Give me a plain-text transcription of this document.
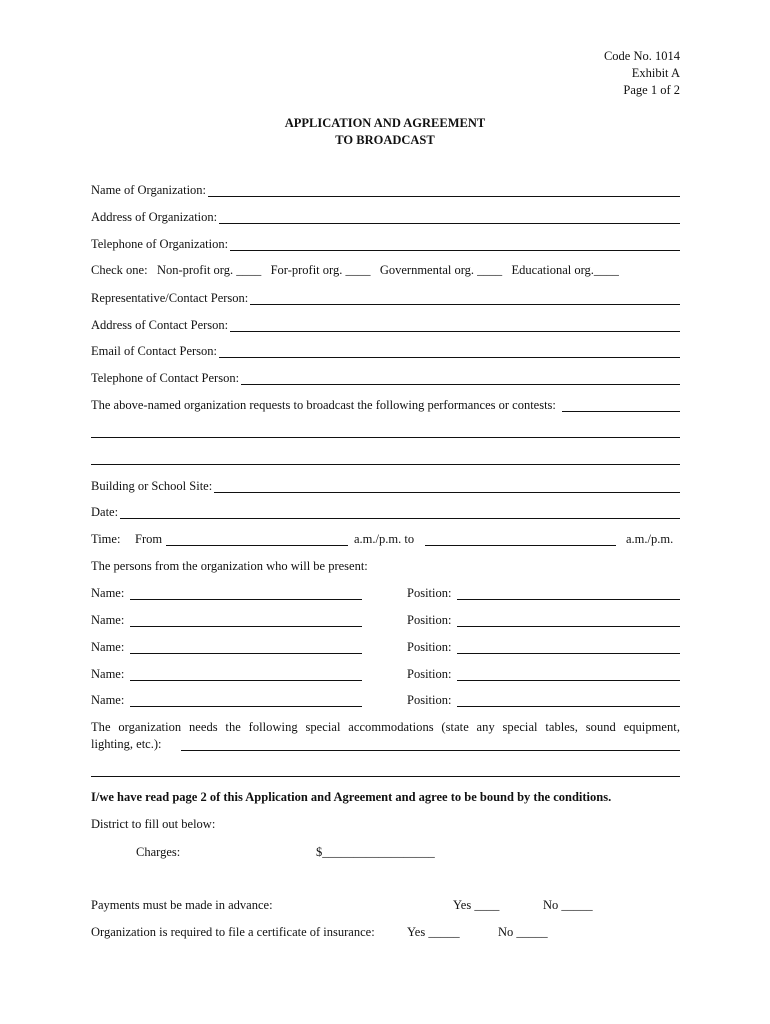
Code No. 1014
Exhibit A
Page 1 of 2
APPLICATION AND AGREEMENT
TO BROADCAST
Name of Organization:
Address of Organization:
Telephone of Organization:
Check one:   Non-profit org. ____   For-profit org. ____   Governmental org. ____   Educational org.____
Representative/Contact Person:
Address of Contact Person:
Email of Contact Person:
Telephone of Contact Person:
The above-named organization requests to broadcast the following performances or contests:
Building or School Site:
Date:
Time: From	a.m./p.m. to	a.m./p.m.
The persons from the organization who will be present:
Name:	Position:
Name:	Position:
Name:	Position:
Name:	Position:
Name:	Position:
The organization needs the following special accommodations (state any special tables, sound equipment,
lighting, etc.):
I/we have read page 2 of this Application and Agreement and agree to be bound by the conditions.
District to fill out below:
Charges:	$__________________
Payments must be made in advance:	Yes ____	No _____
Organization is required to file a certificate of insurance:	Yes _____	No _____
